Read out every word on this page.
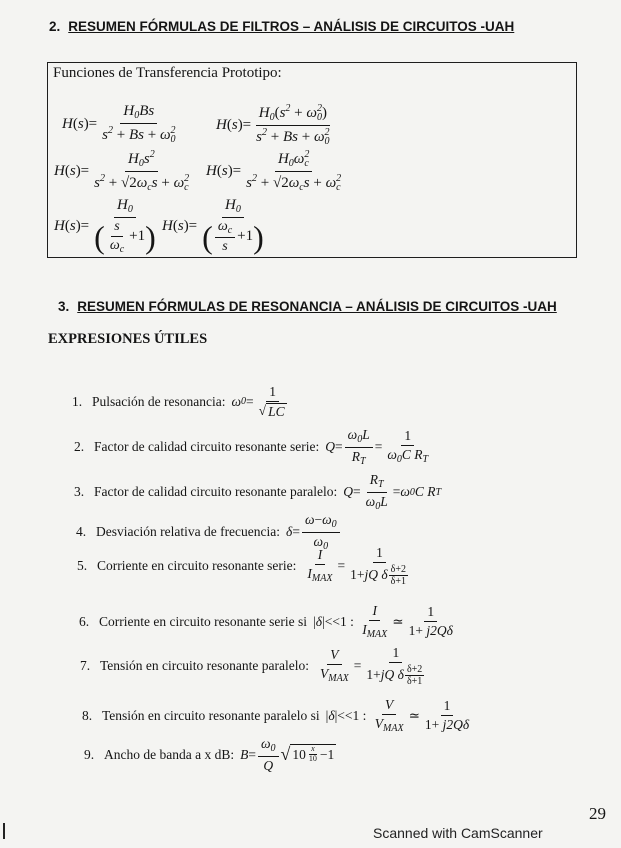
2. RESUMEN FÓRMULAS DE FILTROS – ANÁLISIS DE CIRCUITOS -UAH
Funciones de Transferencia Prototipo:
H ( s )= $\frac{H_0Bs}{s^2 + Bs + \omega^2_0}$ H ( s )= $\frac{H_0(s^2 + \omega^2_0)}{s^2 + Bs + \omega^2_0}$
H ( s )= $\frac{H_0s^2}{s^2 + √2\omega_cs + \omega^2_c}$ H ( s )= $\frac{H_0\omega^2_c}{s^2 + √2\omega_cs + \omega^2_c}$
H ( s )= $\frac{H_0}{( \frac{s}{\omega_c} +1 )}$ H ( s )= $\frac{H_0}{( \frac{\omega_c}{s} +1 )}$
3. RESUMEN FÓRMULAS DE RESONANCIA – ANÁLISIS DE CIRCUITOS -UAH
EXPRESIONES ÚTILES
1. Pulsación de resonancia: ω $0 = \frac{1}{√ LC}$
2. Factor de calidad circuito resonante serie: $Q = \frac{\omega_0L}{R_T} = \frac{1}{\omega_0C R_T}$
3. Factor de calidad circuito resonante paralelo: $Q = \frac{R_T}{\omega_0L} = \omega$ 0 C R T
4. Desviación relativa de frecuencia: $\delta = \frac{\omega-\omega_0}{\omega_0}$
5. Corriente en circuito resonante serie: $\frac{I}{I_{MAX}} = \frac{1}{1+ jQ \delta \frac{\delta+2}{\delta+1}}$
6. Corriente en circuito resonante serie si | δ |<<1 : $\frac{I}{I_{MAX}}$ ≃ $\frac{1}{1+ j2Q\delta}$
7. Tensión en circuito resonante paralelo: $\frac{V}{V_{MAX}} = \frac{1}{1+ jQ \delta \frac{\delta+2}{\delta+1}}$
8. Tensión en circuito resonante paralelo si | δ |<<1 : $\frac{V}{V_{MAX}}$ ≃ $\frac{1}{1+ j2Q\delta}$
9. Ancho de banda a x dB: $B = \frac{\omega_0}{Q}$ √ $10 \frac{x}{10} -1$
29
Scanned with CamScanner
